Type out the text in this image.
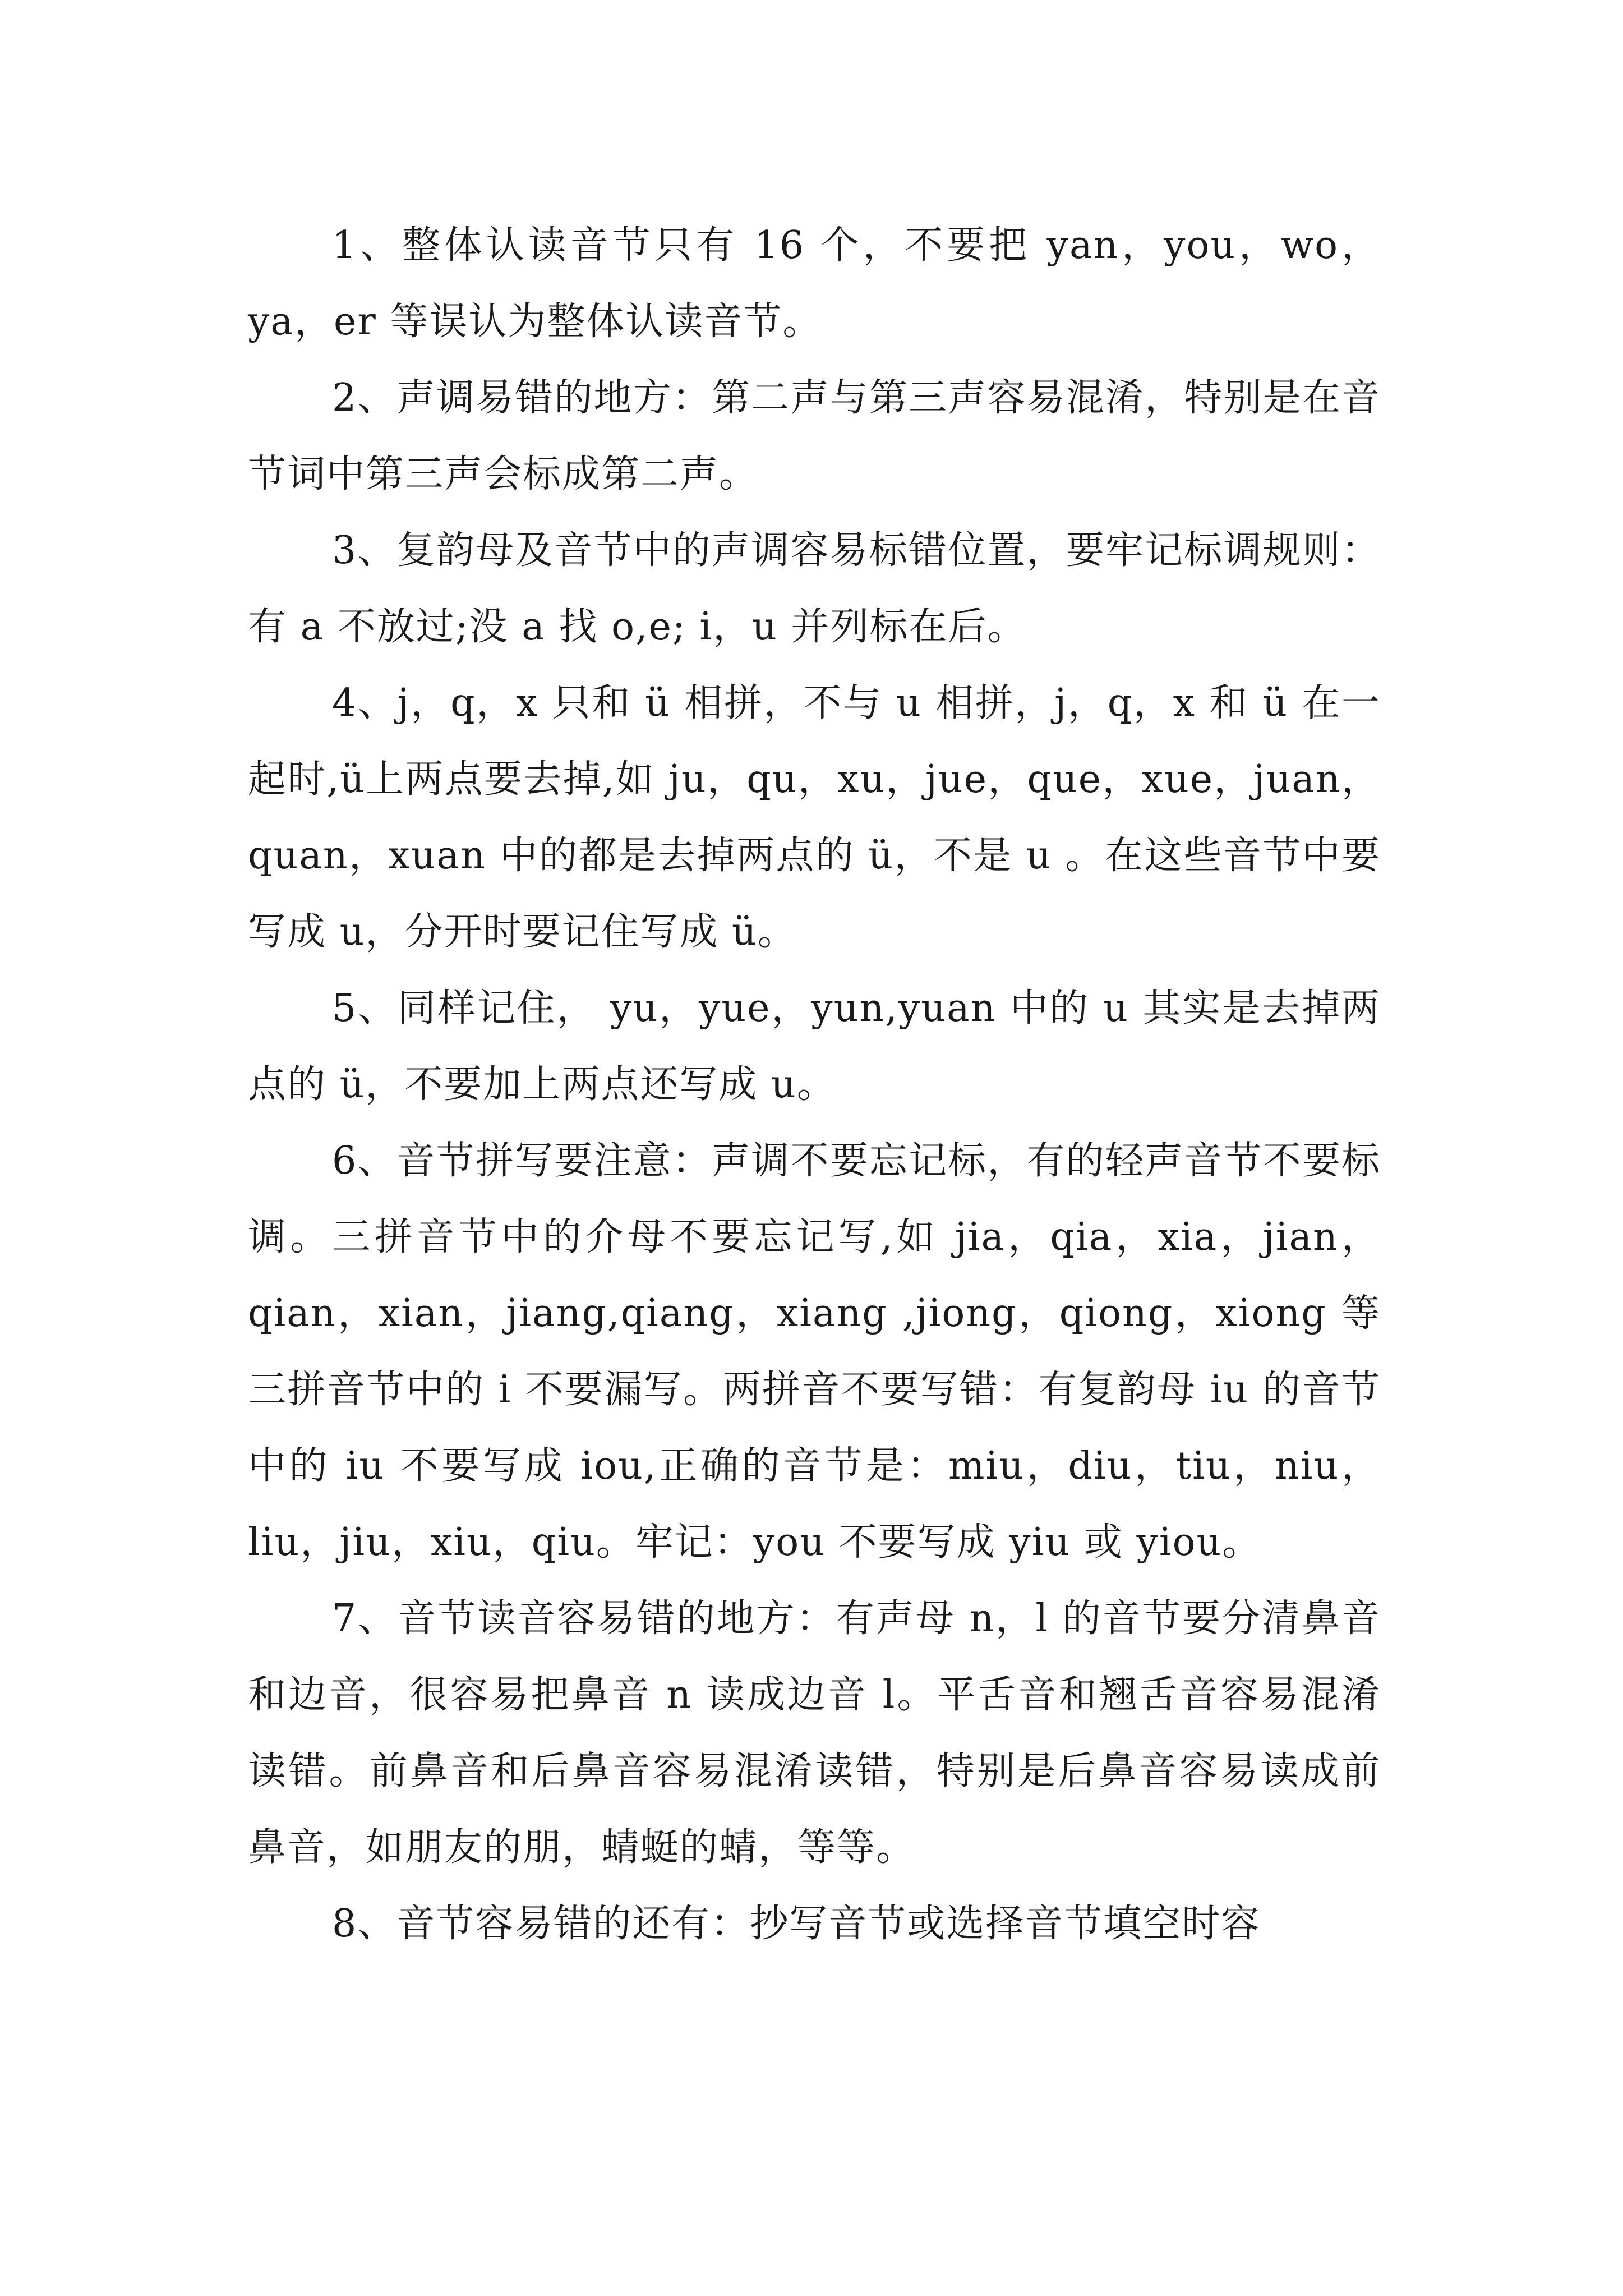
1、整体认读音节只有 16 个，不要把 yan，you，wo，ya，er 等误认为整体认读音节。

2、声调易错的地方：第二声与第三声容易混淆，特别是在音节词中第三声会标成第二声。

3、复韵母及音节中的声调容易标错位置，要牢记标调规则：有 a 不放过;没 a 找 o,e; i，u 并列标在后。

4、j，q，x 只和 ü 相拼，不与 u 相拼，j，q，x 和 ü 在一起时,ü上两点要去掉,如 ju，qu，xu，jue，que，xue，juan，quan，xuan 中的都是去掉两点的 ü，不是 u 。在这些音节中要写成 u，分开时要记住写成 ü。

5、同样记住， yu，yue，yun,yuan 中的 u 其实是去掉两点的 ü，不要加上两点还写成 u。

6、音节拼写要注意：声调不要忘记标，有的轻声音节不要标调。三拼音节中的介母不要忘记写,如 jia，qia，xia，jian，qian，xian，jiang,qiang，xiang ,jiong，qiong，xiong 等三拼音节中的 i 不要漏写。两拼音不要写错：有复韵母 iu 的音节中的 iu 不要写成 iou,正确的音节是：miu，diu，tiu，niu，liu，jiu，xiu，qiu。牢记：you 不要写成 yiu 或 yiou。

7、音节读音容易错的地方：有声母 n，l 的音节要分清鼻音和边音，很容易把鼻音 n 读成边音 l。平舌音和翘舌音容易混淆读错。前鼻音和后鼻音容易混淆读错，特别是后鼻音容易读成前鼻音，如朋友的朋，蜻蜓的蜻，等等。

8、音节容易错的还有：抄写音节或选择音节填空时容
